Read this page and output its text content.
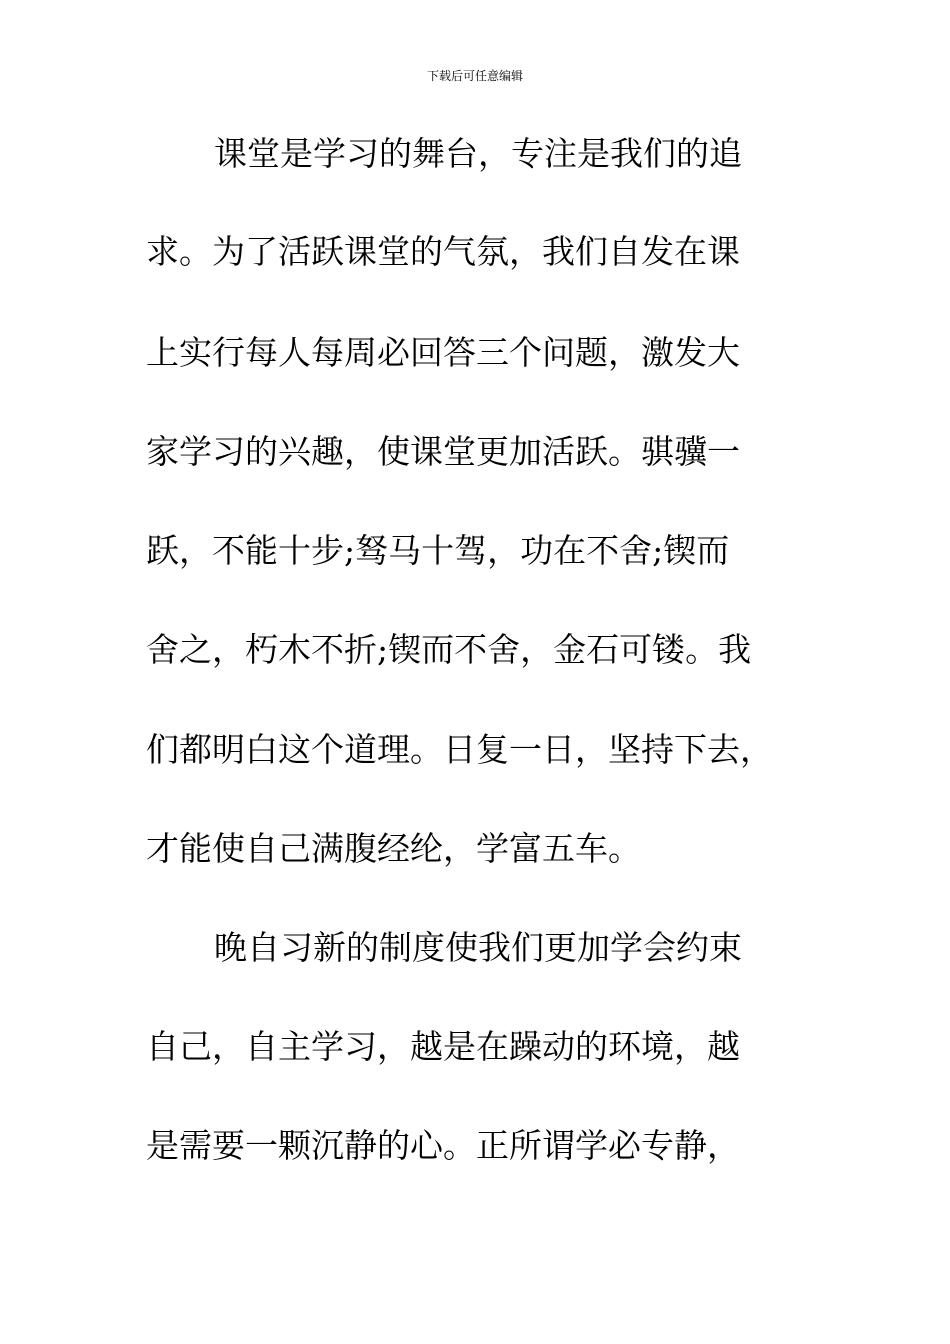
下载后可任意编辑
课堂是学习的舞台，专注是我们的追
求。为了活跃课堂的气氛，我们自发在课
上实行每人每周必回答三个问题，激发大
家学习的兴趣，使课堂更加活跃。骐骥一
跃，不能十步;驽马十驾，功在不舍;锲而
舍之，朽木不折;锲而不舍，金石可镂。我
们都明白这个道理。日复一日，坚持下去，
才能使自己满腹经纶，学富五车。
晚自习新的制度使我们更加学会约束
自己，自主学习，越是在躁动的环境，越
是需要一颗沉静的心。正所谓学必专静，
